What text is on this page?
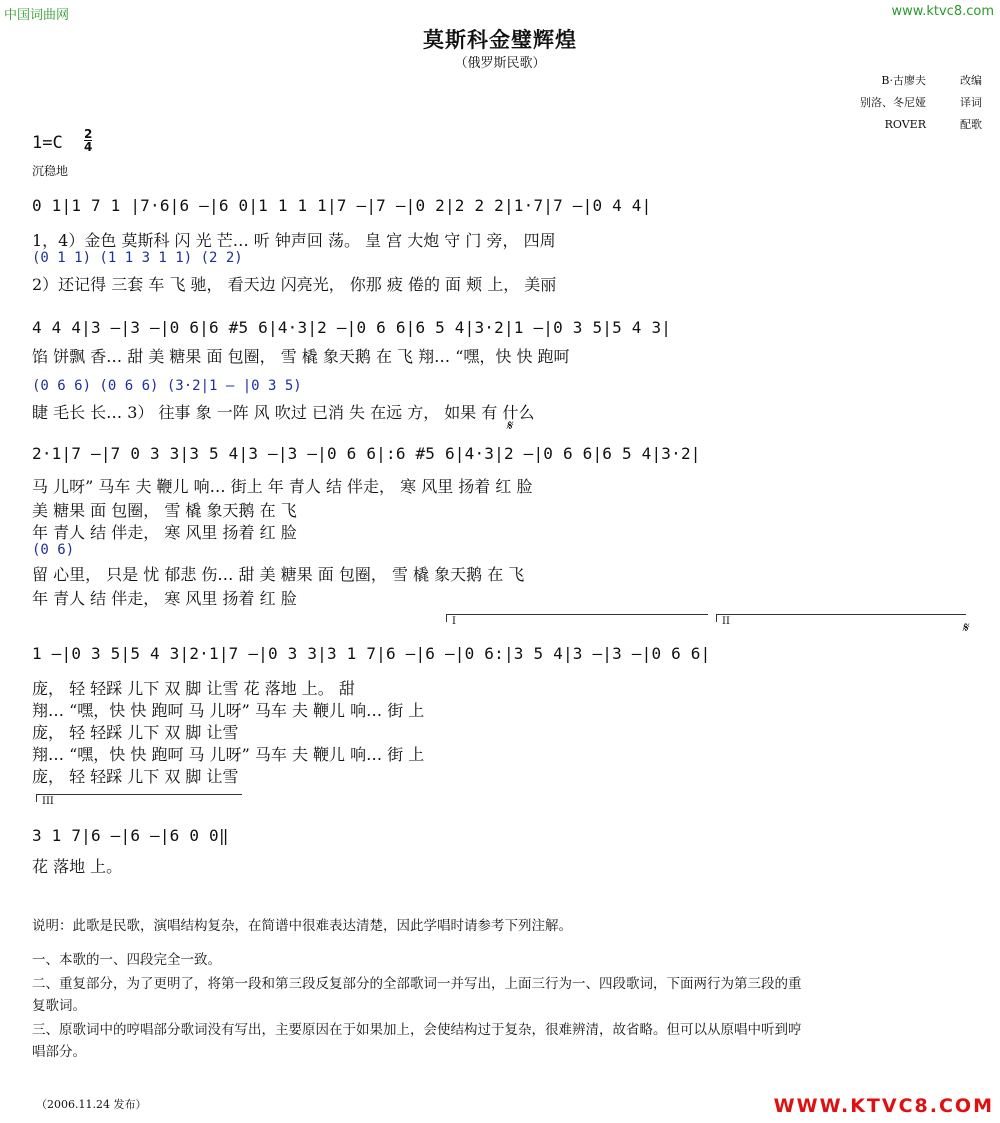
中国词曲网	www.ktvc8.com
莫斯科金璧辉煌
（俄罗斯民歌）
B·古廖夫	改编
别洛、冬尼娅	译词
ROVER	配歌
1=C 2
4
沉稳地
0 1|1 7 1 |7·6|6 —|6 0|1 1 1 1|7 —|7 —|0 2|2 2 2|1·7|7 —|0 4 4|
1，4）金色 莫斯科 闪 光 芒… 听 钟声回 荡。 皇 宫 大炮 守 门 旁， 四周
(0 1 1) (1 1 3 1 1) (2 2)
2）还记得 三套 车 飞 驰， 看天边 闪亮光， 你那 疲 倦的 面 颊 上， 美丽
4 4 4|3 —|3 —|0 6|6 #5 6|4·3|2 —|0 6 6|6 5 4|3·2|1 —|0 3 5|5 4 3|
馅 饼飘 香… 甜 美 糖果 面 包圈， 雪 橇 象天鹅 在 飞 翔… “嘿，快 快 跑呵
(0 6 6) (0 6 6) (3·2|1 — |0 3 5)
睫 毛长 长… 3） 往事 象 一阵 风 吹过 已消 失 在远 方， 如果 有 什么
𝄋
2·1|7 —|7 0 3 3|3 5 4|3 —|3 —|0 6 6|:6 #5 6|4·3|2 —|0 6 6|6 5 4|3·2|
马 儿呀” 马车 夫 鞭儿 响… 街上 年 青人 结 伴走， 寒 风里 扬着 红 脸
美 糖果 面 包圈， 雪 橇 象天鹅 在 飞
年 青人 结 伴走， 寒 风里 扬着 红 脸
(0 6)
留 心里， 只是 忧 郁悲 伤… 甜 美 糖果 面 包圈， 雪 橇 象天鹅 在 飞
年 青人 结 伴走， 寒 风里 扬着 红 脸
I	II	𝄋
1 —|0 3 5|5 4 3|2·1|7 —|0 3 3|3 1 7|6 —|6 —|0 6:|3 5 4|3 —|3 —|0 6 6|
庞， 轻 轻踩 儿下 双 脚 让雪 花 落地 上。 甜
翔… “嘿，快 快 跑呵 马 儿呀” 马车 夫 鞭儿 响… 街 上
庞， 轻 轻踩 儿下 双 脚 让雪
翔… “嘿，快 快 跑呵 马 儿呀” 马车 夫 鞭儿 响… 街 上
庞， 轻 轻踩 儿下 双 脚 让雪
III
3 1 7|6 —|6 —|6 0 0‖
花 落地 上。
说明：此歌是民歌，演唱结构复杂，在简谱中很难表达清楚，因此学唱时请参考下列注解。
一、本歌的一、四段完全一致。
二、重复部分，为了更明了，将第一段和第三段反复部分的全部歌词一并写出，上面三行为一、四段歌词，下面两行为第三段的重
复歌词。
三、原歌词中的哼唱部分歌词没有写出，主要原因在于如果加上，会使结构过于复杂，很难辨清，故省略。但可以从原唱中听到哼
唱部分。
（2006.11.24 发布）	WWW.KTVC8.COM
